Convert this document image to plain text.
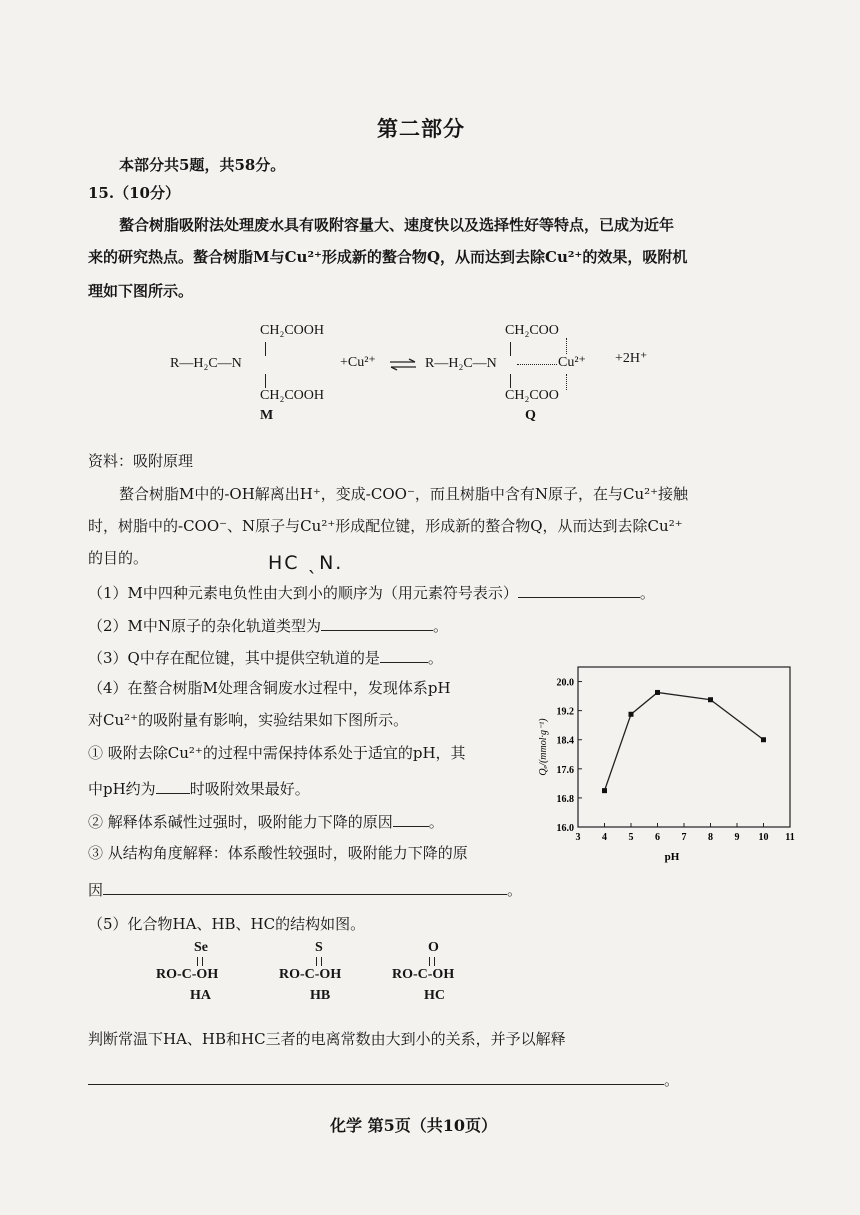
第二部分
本部分共5题，共58分。
15.（10分）
螯合树脂吸附法处理废水具有吸附容量大、速度快以及选择性好等特点，已成为近年
来的研究热点。螯合树脂M与Cu²⁺形成新的螯合物Q，从而达到去除Cu²⁺的效果，吸附机
理如下图所示。
CH₂COOH
R—H₂C—N
CH₂COOH
M
+Cu²⁺ ⇌
CH₂COO
R—H₂C—N	Cu²⁺
CH₂COO
Q
+2H⁺
资料：吸附原理
螯合树脂M中的-OH解离出H⁺，变成-COO⁻，而且树脂中含有N原子，在与Cu²⁺接触
时，树脂中的-COO⁻、N原子与Cu²⁺形成配位键，形成新的螯合物Q，从而达到去除Cu²⁺
的目的。	HC ˎN.
（1）M中四种元素电负性由大到小的顺序为（用元素符号表示）	。
（2）M中N原子的杂化轨道类型为	。
（3）Q中存在配位键，其中提供空轨道的是	。
（4）在螯合树脂M处理含铜废水过程中，发现体系pH
对Cu²⁺的吸附量有影响，实验结果如下图所示。
① 吸附去除Cu²⁺的过程中需保持体系处于适宜的pH，其
中pH约为 时吸附效果最好。
② 解释体系碱性过强时，吸附能力下降的原因 。
③ 从结构角度解释：体系酸性较强时，吸附能力下降的原
因	。
16.0
16.8
17.6
18.4
19.2
20.0
3 4 5 6 7 8 9 10 11
pH
Qₑ/(mmol·g⁻¹)
（5）化合物HA、HB、HC的结构如图。
Se
RO-C-OH
HA
S
RO-C-OH
HB
O
RO-C-OH
HC
判断常温下HA、HB和HC三者的电离常数由大到小的关系，并予以解释
。
化学 第5页（共10页）
